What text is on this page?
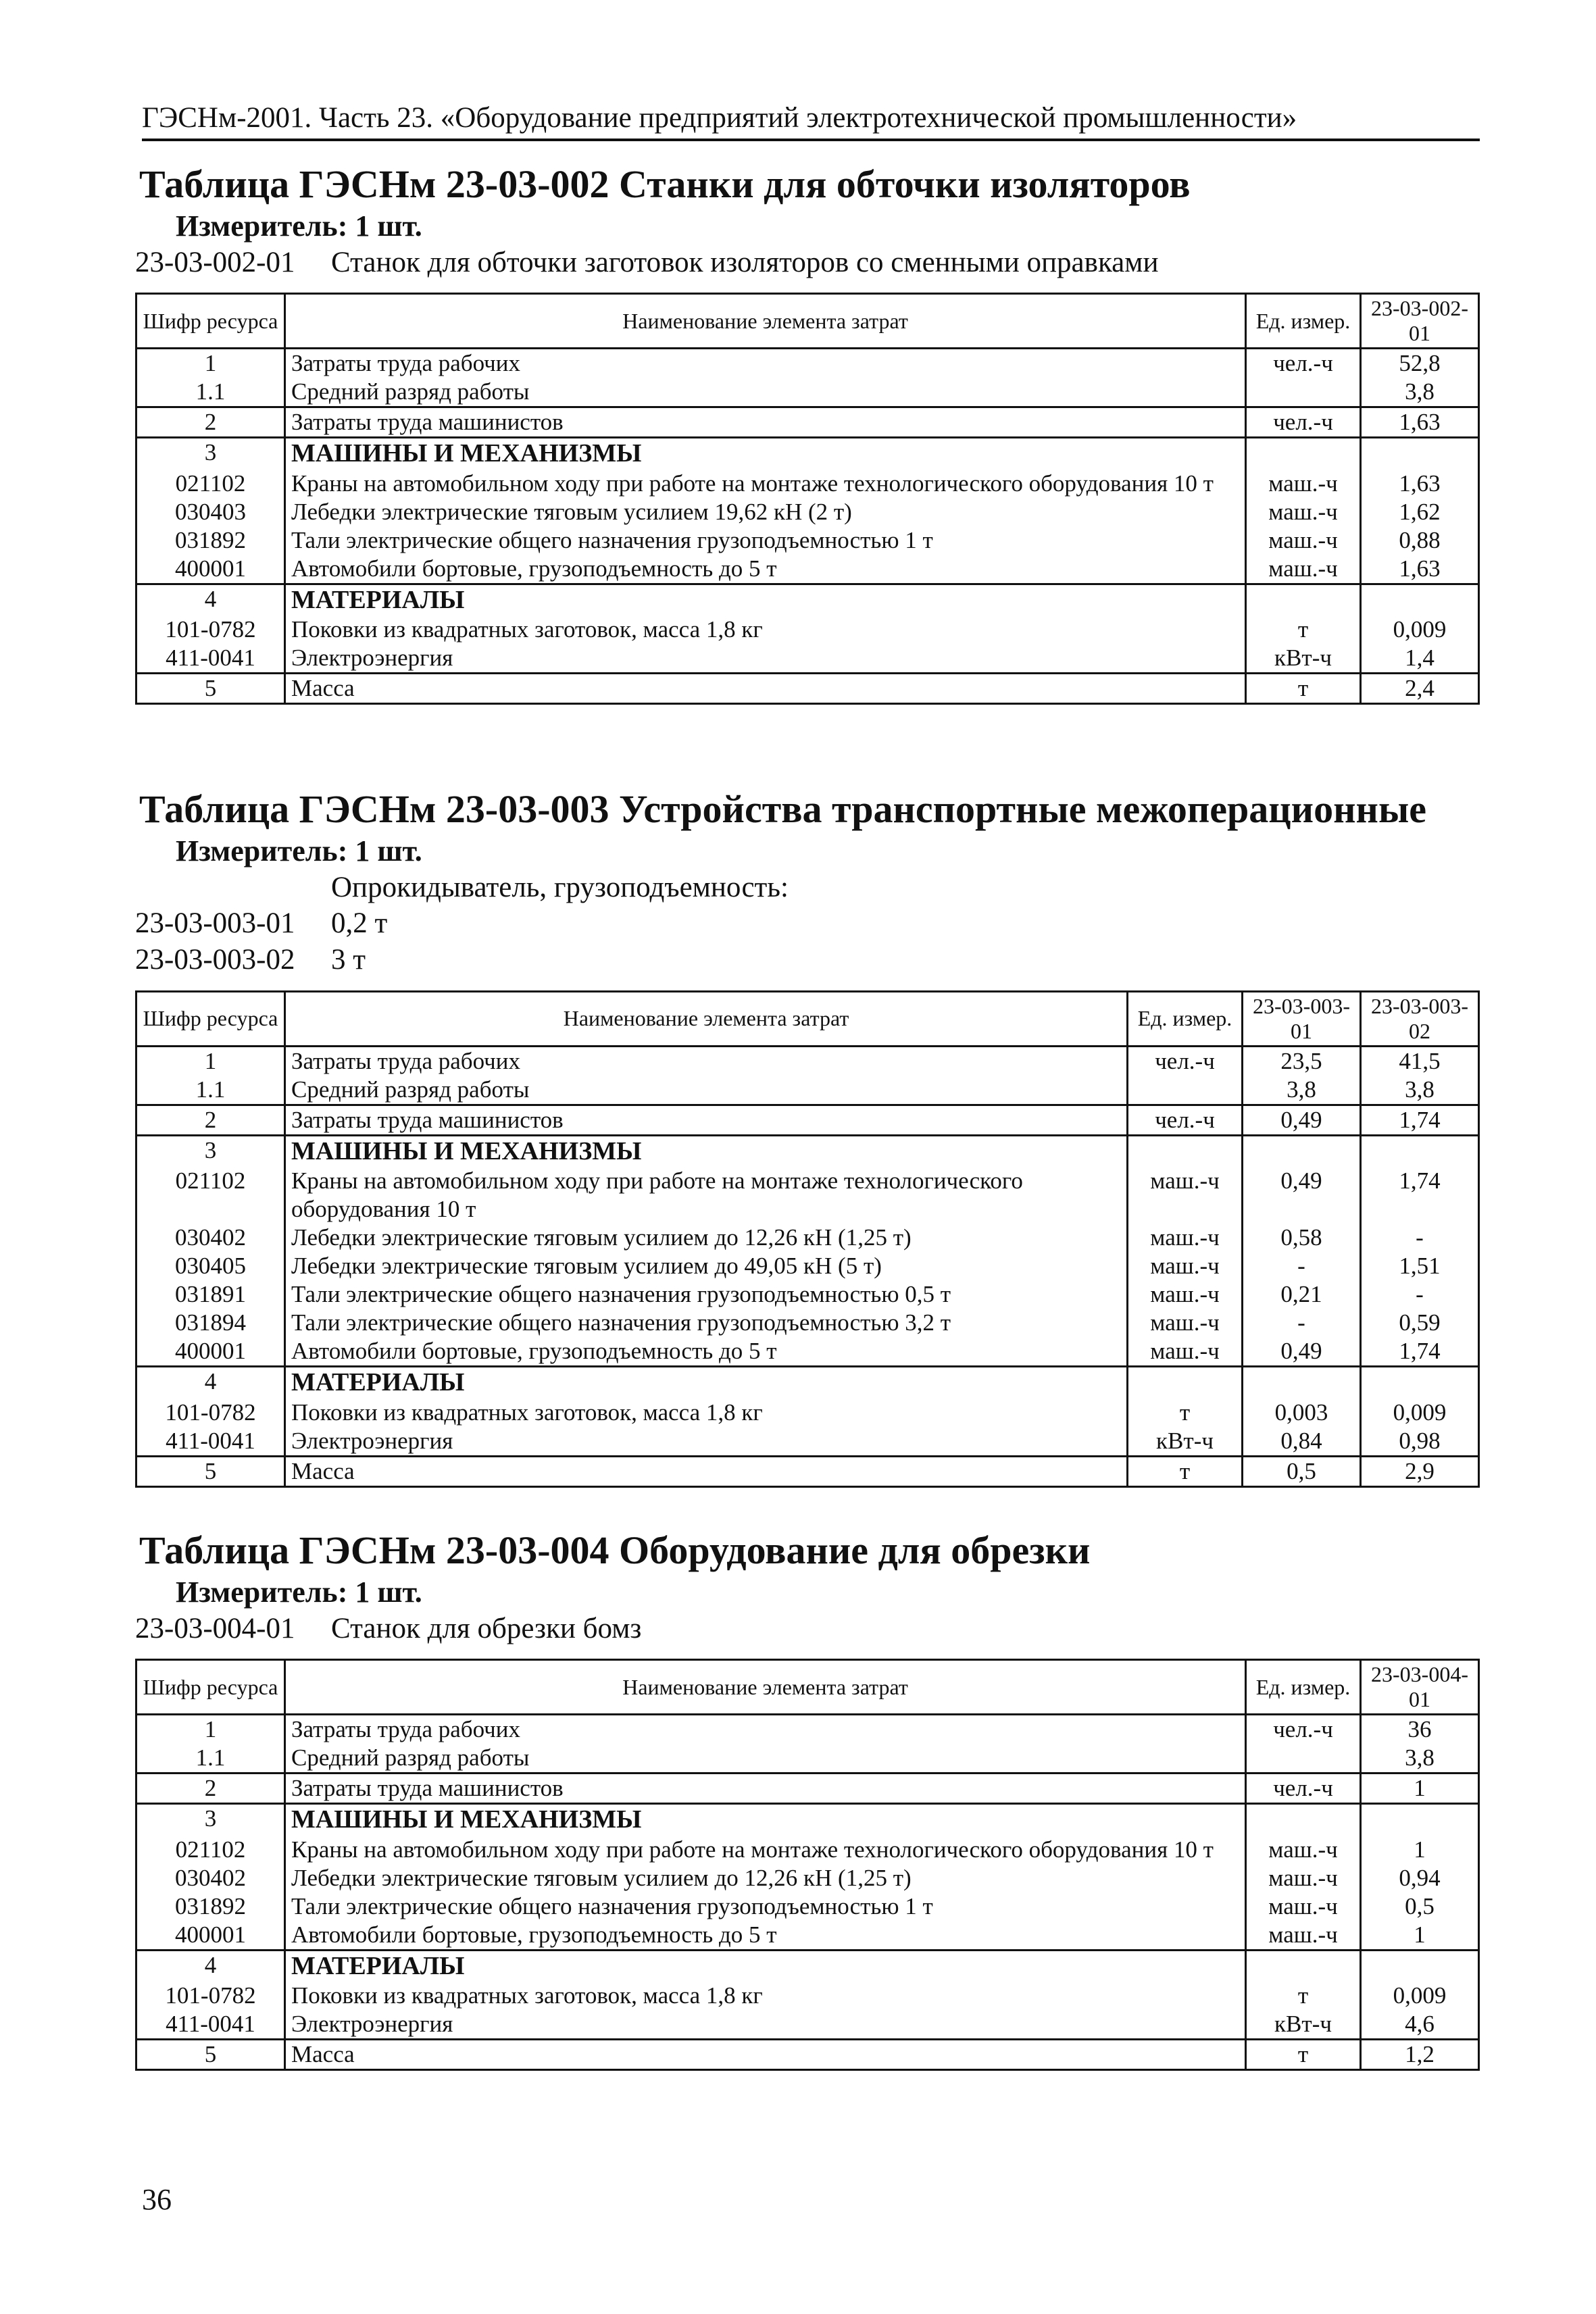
ГЭСНм-2001. Часть 23. «Оборудование предприятий электротехнической промышленности»
Таблица ГЭСНм 23-03-002 Станки для обточки изоляторов
Измеритель: 1 шт.
23-03-002-01	Станок для обточки заготовок изоляторов со сменными оправками
Шифр ресурса	Наименование элемента затрат	Ед. измер.	23-03-002-01
1	Затраты труда рабочих	чел.-ч	52,8
1.1	Средний разряд работы		3,8
2	Затраты труда машинистов	чел.-ч	1,63
3	МАШИНЫ И МЕХАНИЗМЫ		
021102	Краны на автомобильном ходу при работе на монтаже технологического оборудования 10 т	маш.-ч	1,63
030403	Лебедки электрические тяговым усилием 19,62 кН (2 т)	маш.-ч	1,62
031892	Тали электрические общего назначения грузоподъемностью 1 т	маш.-ч	0,88
400001	Автомобили бортовые, грузоподъемность до 5 т	маш.-ч	1,63
4	МАТЕРИАЛЫ		
101-0782	Поковки из квадратных заготовок, масса 1,8 кг	т	0,009
411-0041	Электроэнергия	кВт-ч	1,4
5	Масса	т	2,4
Таблица ГЭСНм 23-03-003 Устройства транспортные межоперационные
Измеритель: 1 шт.
Опрокидыватель, грузоподъемность:
23-03-003-01	0,2 т
23-03-003-02	3 т
Шифр ресурса	Наименование элемента затрат	Ед. измер.	23-03-003-01	23-03-003-02
1	Затраты труда рабочих	чел.-ч	23,5	41,5
1.1	Средний разряд работы		3,8	3,8
2	Затраты труда машинистов	чел.-ч	0,49	1,74
3	МАШИНЫ И МЕХАНИЗМЫ			
021102	Краны на автомобильном ходу при работе на монтаже технологического оборудования 10 т	маш.-ч	0,49	1,74
030402	Лебедки электрические тяговым усилием до 12,26 кН (1,25 т)	маш.-ч	0,58	-
030405	Лебедки электрические тяговым усилием до 49,05 кН (5 т)	маш.-ч	-	1,51
031891	Тали электрические общего назначения грузоподъемностью 0,5 т	маш.-ч	0,21	-
031894	Тали электрические общего назначения грузоподъемностью 3,2 т	маш.-ч	-	0,59
400001	Автомобили бортовые, грузоподъемность до 5 т	маш.-ч	0,49	1,74
4	МАТЕРИАЛЫ			
101-0782	Поковки из квадратных заготовок, масса 1,8 кг	т	0,003	0,009
411-0041	Электроэнергия	кВт-ч	0,84	0,98
5	Масса	т	0,5	2,9
Таблица ГЭСНм 23-03-004 Оборудование для обрезки
Измеритель: 1 шт.
23-03-004-01	Станок для обрезки бомз
Шифр ресурса	Наименование элемента затрат	Ед. измер.	23-03-004-01
1	Затраты труда рабочих	чел.-ч	36
1.1	Средний разряд работы		3,8
2	Затраты труда машинистов	чел.-ч	1
3	МАШИНЫ И МЕХАНИЗМЫ		
021102	Краны на автомобильном ходу при работе на монтаже технологического оборудования 10 т	маш.-ч	1
030402	Лебедки электрические тяговым усилием до 12,26 кН (1,25 т)	маш.-ч	0,94
031892	Тали электрические общего назначения грузоподъемностью 1 т	маш.-ч	0,5
400001	Автомобили бортовые, грузоподъемность до 5 т	маш.-ч	1
4	МАТЕРИАЛЫ		
101-0782	Поковки из квадратных заготовок, масса 1,8 кг	т	0,009
411-0041	Электроэнергия	кВт-ч	4,6
5	Масса	т	1,2
36
